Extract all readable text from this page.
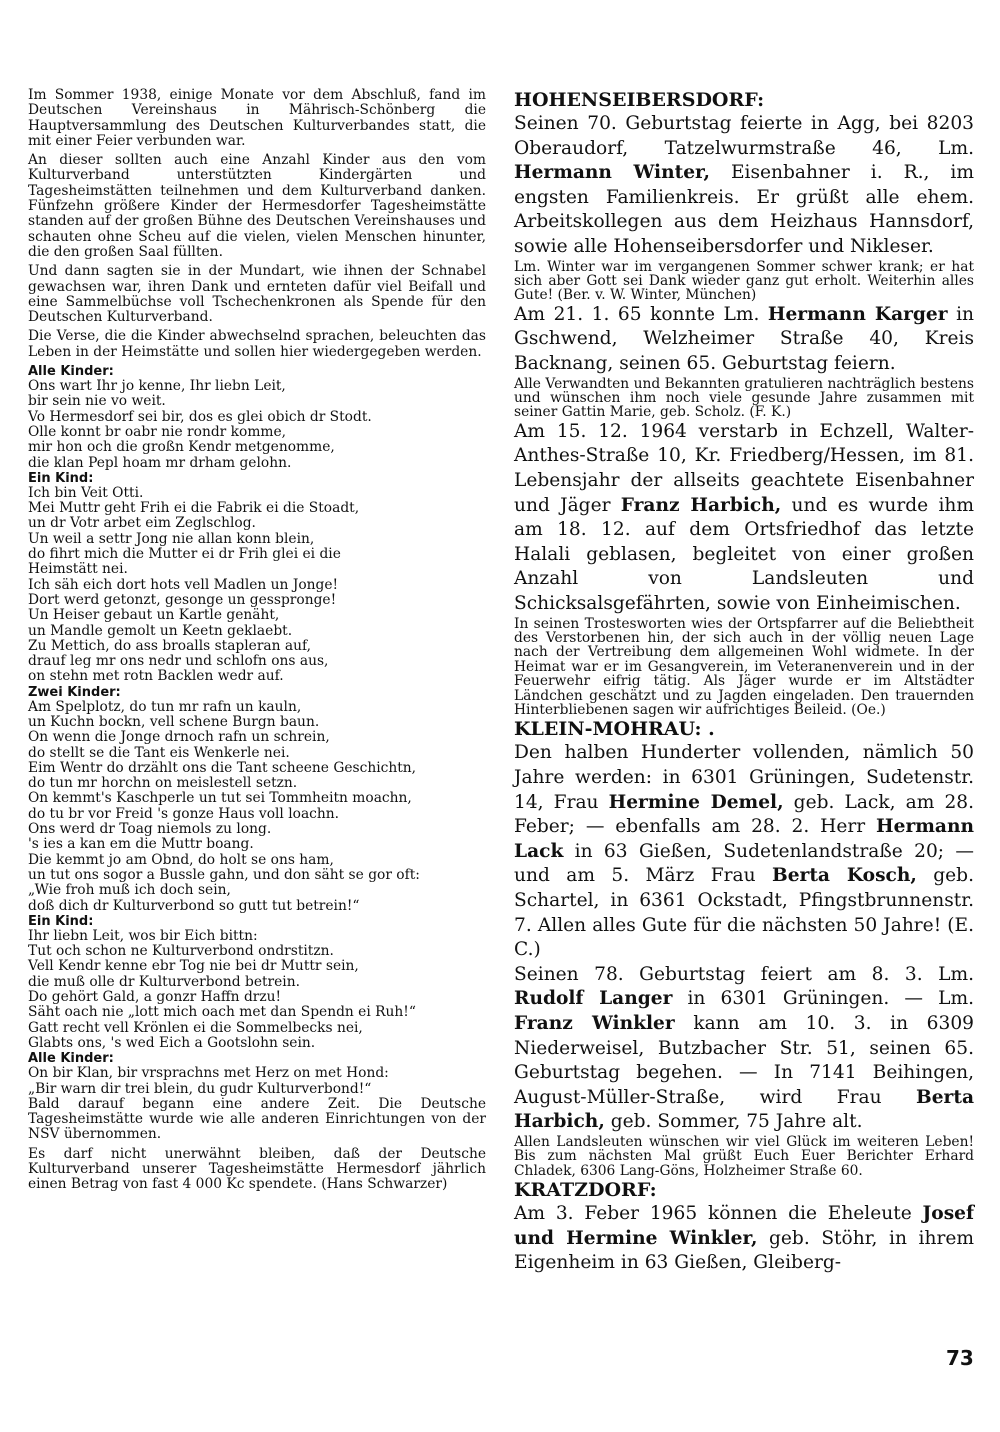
Im Sommer 1938, einige Monate vor dem Abschluß, fand im Deutschen Vereinshaus in Mährisch-Schönberg die Hauptversammlung des Deutschen Kulturverbandes statt, die mit einer Feier verbunden war.

An dieser sollten auch eine Anzahl Kinder aus den vom Kulturverband unterstützten Kindergärten und Tagesheimstätten teilnehmen und dem Kulturverband danken. Fünfzehn größere Kinder der Hermesdorfer Tagesheimstätte standen auf der großen Bühne des Deutschen Vereinshauses und schauten ohne Scheu auf die vielen, vielen Menschen hinunter, die den großen Saal füllten.

Und dann sagten sie in der Mundart, wie ihnen der Schnabel gewachsen war, ihren Dank und ernteten dafür viel Beifall und eine Sammelbüchse voll Tschechenkronen als Spende für den Deutschen Kulturverband.

Die Verse, die die Kinder abwechselnd sprachen, beleuchten das Leben in der Heimstätte und sollen hier wiedergegeben werden.

Alle Kinder:

Ons wart Ihr jo kenne, Ihr liebn Leit,

bir sein nie vo weit.

Vo Hermesdorf sei bir, dos es glei obich dr Stodt.

Olle konnt br oabr nie rondr komme,

mir hon och die großn Kendr metgenomme,

die klan Pepl hoam mr drham gelohn.

Ein Kind:

Ich bin Veit Otti.

Mei Muttr geht Frih ei die Fabrik ei die Stoadt,

un dr Votr arbet eim Zeglschlog.

Un weil a settr Jong nie allan konn blein,

do fihrt mich die Mutter ei dr Frih glei ei die

Heimstätt nei.

Ich säh eich dort hots vell Madlen un Jonge!

Dort werd getonzt, gesonge un gesspronge!

Un Heiser gebaut un Kartle genäht,

un Mandle gemolt un Keetn geklaebt.

Zu Mettich, do ass broalls stapleran auf,

drauf leg mr ons nedr und schlofn ons aus,

on stehn met rotn Backlen wedr auf.

Zwei Kinder:

Am Spelplotz, do tun mr rafn un kauln,

un Kuchn bockn, vell schene Burgn baun.

On wenn die Jonge drnoch rafn un schrein,

do stellt se die Tant eis Wenkerle nei.

Eim Wentr do drzählt ons die Tant scheene Geschichtn,

do tun mr horchn on meislestell setzn.

On kemmt's Kaschperle un tut sei Tommheitn moachn,

do tu br vor Freid 's gonze Haus voll loachn.

Ons werd dr Toag niemols zu long.

's ies a kan em die Muttr boang.

Die kemmt jo am Obnd, do holt se ons ham,

un tut ons sogor a Bussle gahn, und don säht se gor oft:

„Wie froh muß ich doch sein,

doß dich dr Kulturverbond so gutt tut betrein!“

Ein Kind:

Ihr liebn Leit, wos bir Eich bittn:

Tut och schon ne Kulturverbond ondrstitzn.

Vell Kendr kenne ebr Tog nie bei dr Muttr sein,

die muß olle dr Kulturverbond betrein.

Do gehört Gald, a gonzr Haffn drzu!

Säht oach nie „lott mich oach met dan Spendn ei Ruh!“

Gatt recht vell Krönlen ei die Sommelbecks nei,

Glabts ons, 's wed Eich a Gootslohn sein.

Alle Kinder:

On bir Klan, bir vrsprachns met Herz on met Hond:

„Bir warn dir trei blein, du gudr Kulturverbond!“

Bald darauf begann eine andere Zeit. Die Deutsche Tagesheimstätte wurde wie alle anderen Einrichtungen von der NSV übernommen.

Es darf nicht unerwähnt bleiben, daß der Deutsche Kulturverband unserer Tagesheimstätte Hermesdorf jährlich einen Betrag von fast 4 000 Kc spendete. (Hans Schwarzer)

HOHENSEIBERSDORF:

Seinen 70. Geburtstag feierte in Agg, bei 8203 Oberaudorf, Tatzelwurmstraße 46, Lm. Hermann Winter, Eisenbahner i. R., im engsten Familienkreis. Er grüßt alle ehem. Arbeitskollegen aus dem Heizhaus Hannsdorf, sowie alle Hohenseibersdorfer und Nikleser.

Lm. Winter war im vergangenen Sommer schwer krank; er hat sich aber Gott sei Dank wieder ganz gut erholt. Weiterhin alles Gute! (Ber. v. W. Winter, München)

Am 21. 1. 65 konnte Lm. Hermann Karger in Gschwend, Welzheimer Straße 40, Kreis Backnang, seinen 65. Geburtstag feiern.

Alle Verwandten und Bekannten gratulieren nachträglich bestens und wünschen ihm noch viele gesunde Jahre zusammen mit seiner Gattin Marie, geb. Scholz. (F. K.)

Am 15. 12. 1964 verstarb in Echzell, Walter-Anthes-Straße 10, Kr. Friedberg/Hessen, im 81. Lebensjahr der allseits geachtete Eisenbahner und Jäger Franz Harbich, und es wurde ihm am 18. 12. auf dem Ortsfriedhof das letzte Halali geblasen, begleitet von einer großen Anzahl von Landsleuten und Schicksalsgefährten, sowie von Einheimischen.

In seinen Trostesworten wies der Ortspfarrer auf die Beliebtheit des Verstorbenen hin, der sich auch in der völlig neuen Lage nach der Vertreibung dem allgemeinen Wohl widmete. In der Heimat war er im Gesangverein, im Veteranenverein und in der Feuerwehr eifrig tätig. Als Jäger wurde er im Altstädter Ländchen geschätzt und zu Jagden eingeladen. Den trauernden Hinterbliebenen sagen wir aufrichtiges Beileid. (Oe.)

KLEIN-MOHRAU: .

Den halben Hunderter vollenden, nämlich 50 Jahre werden: in 6301 Grüningen, Sudetenstr. 14, Frau Hermine Demel, geb. Lack, am 28. Feber; — ebenfalls am 28. 2. Herr Hermann Lack in 63 Gießen, Sudetenlandstraße 20; — und am 5. März Frau Berta Kosch, geb. Schartel, in 6361 Ockstadt, Pfingstbrunnenstr. 7. Allen alles Gute für die nächsten 50 Jahre! (E. C.)

Seinen 78. Geburtstag feiert am 8. 3. Lm. Rudolf Langer in 6301 Grüningen. — Lm. Franz Winkler kann am 10. 3. in 6309 Niederweisel, Butzbacher Str. 51, seinen 65. Geburtstag begehen. — In 7141 Beihingen, August-Müller-Straße, wird Frau Berta Harbich, geb. Sommer, 75 Jahre alt.

Allen Landsleuten wünschen wir viel Glück im weiteren Leben! Bis zum nächsten Mal grüßt Euch Euer Berichter Erhard Chladek, 6306 Lang-Göns, Holzheimer Straße 60.

KRATZDORF:

Am 3. Feber 1965 können die Eheleute Josef und Hermine Winkler, geb. Stöhr, in ihrem Eigenheim in 63 Gießen, Gleiberg-

73
